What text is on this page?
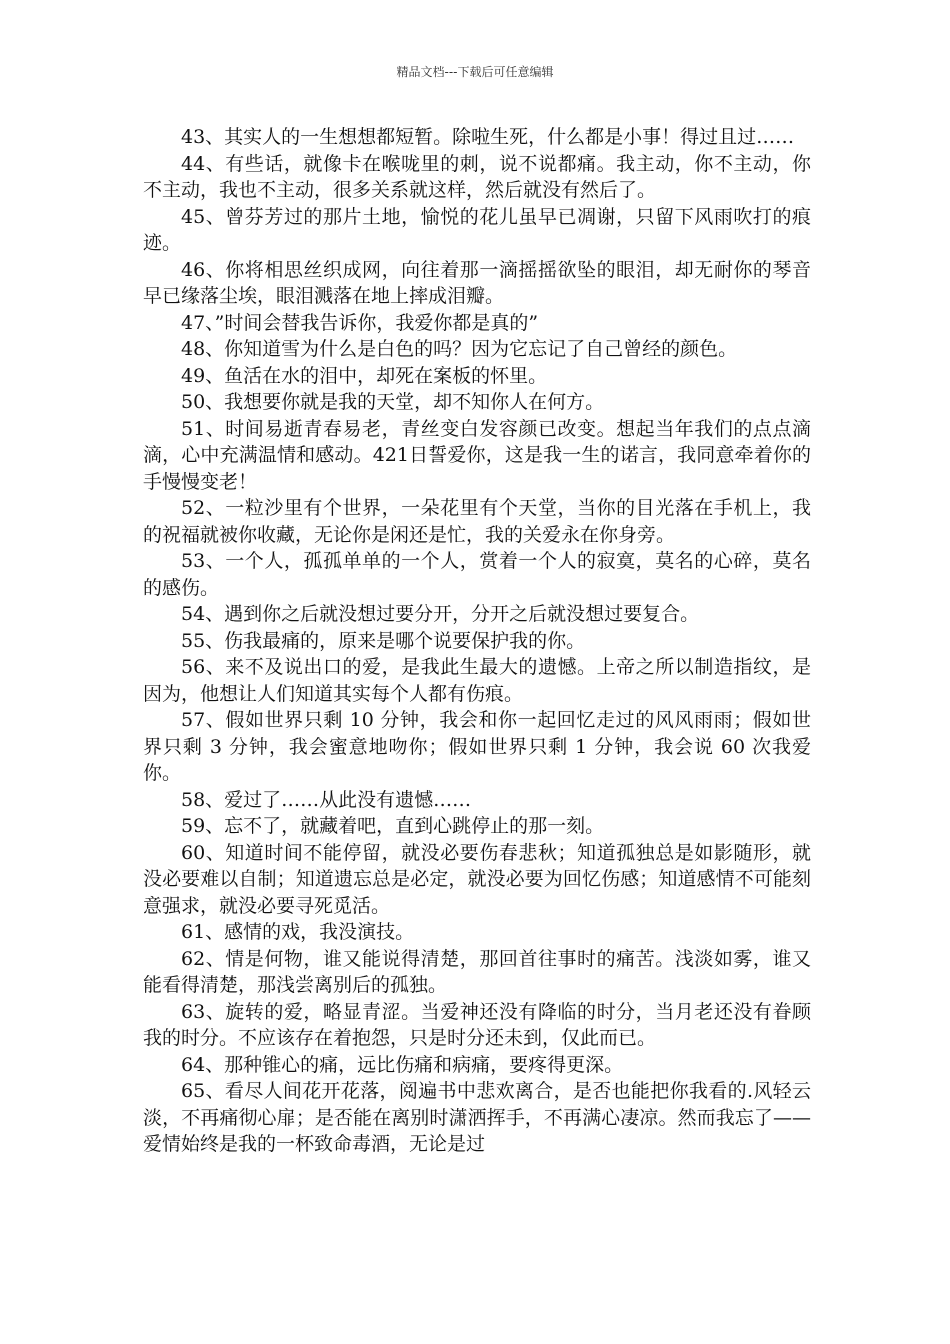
精品文档---下载后可任意编辑

43、其实人的一生想想都短暂。除啦生死，什么都是小事！得过且过……

44、有些话，就像卡在喉咙里的刺，说不说都痛。我主动，你不主动，你不主动，我也不主动，很多关系就这样，然后就没有然后了。

45、曾芬芳过的那片土地，愉悦的花儿虽早已凋谢，只留下风雨吹打的痕迹。

46、你将相思丝织成网，向往着那一滴摇摇欲坠的眼泪，却无耐你的琴音早已缘落尘埃，眼泪溅落在地上摔成泪瓣。

47、”时间会替我告诉你，我爱你都是真的”

48、你知道雪为什么是白色的吗？因为它忘记了自己曾经的颜色。

49、鱼活在水的泪中，却死在案板的怀里。

50、我想要你就是我的天堂，却不知你人在何方。

51、时间易逝青春易老，青丝变白发容颜已改变。想起当年我们的点点滴滴，心中充满温情和感动。421日誓爱你，这是我一生的诺言，我同意牵着你的手慢慢变老！

52、一粒沙里有个世界，一朵花里有个天堂，当你的目光落在手机上，我的祝福就被你收藏，无论你是闲还是忙，我的关爱永在你身旁。

53、一个人，孤孤单单的一个人，赏着一个人的寂寞，莫名的心碎，莫名的感伤。

54、遇到你之后就没想过要分开，分开之后就没想过要复合。

55、伤我最痛的，原来是哪个说要保护我的你。

56、来不及说出口的爱，是我此生最大的遗憾。上帝之所以制造指纹，是因为，他想让人们知道其实每个人都有伤痕。

57、假如世界只剩 10 分钟，我会和你一起回忆走过的风风雨雨；假如世界只剩 3 分钟，我会蜜意地吻你；假如世界只剩 1 分钟，我会说 60 次我爱你。

58、爱过了……从此没有遗憾……

59、忘不了，就藏着吧，直到心跳停止的那一刻。

60、知道时间不能停留，就没必要伤春悲秋；知道孤独总是如影随形，就没必要难以自制；知道遗忘总是必定，就没必要为回忆伤感；知道感情不可能刻意强求，就没必要寻死觅活。

61、感情的戏，我没演技。

62、情是何物，谁又能说得清楚，那回首往事时的痛苦。浅淡如雾，谁又能看得清楚，那浅尝离别后的孤独。

63、旋转的爱，略显青涩。当爱神还没有降临的时分，当月老还没有眷顾我的时分。不应该存在着抱怨，只是时分还未到，仅此而已。

64、那种锥心的痛，远比伤痛和病痛，要疼得更深。

65、看尽人间花开花落，阅遍书中悲欢离合，是否也能把你我看的.风轻云淡，不再痛彻心扉；是否能在离别时潇洒挥手，不再满心凄凉。然而我忘了——爱情始终是我的一杯致命毒酒，无论是过
